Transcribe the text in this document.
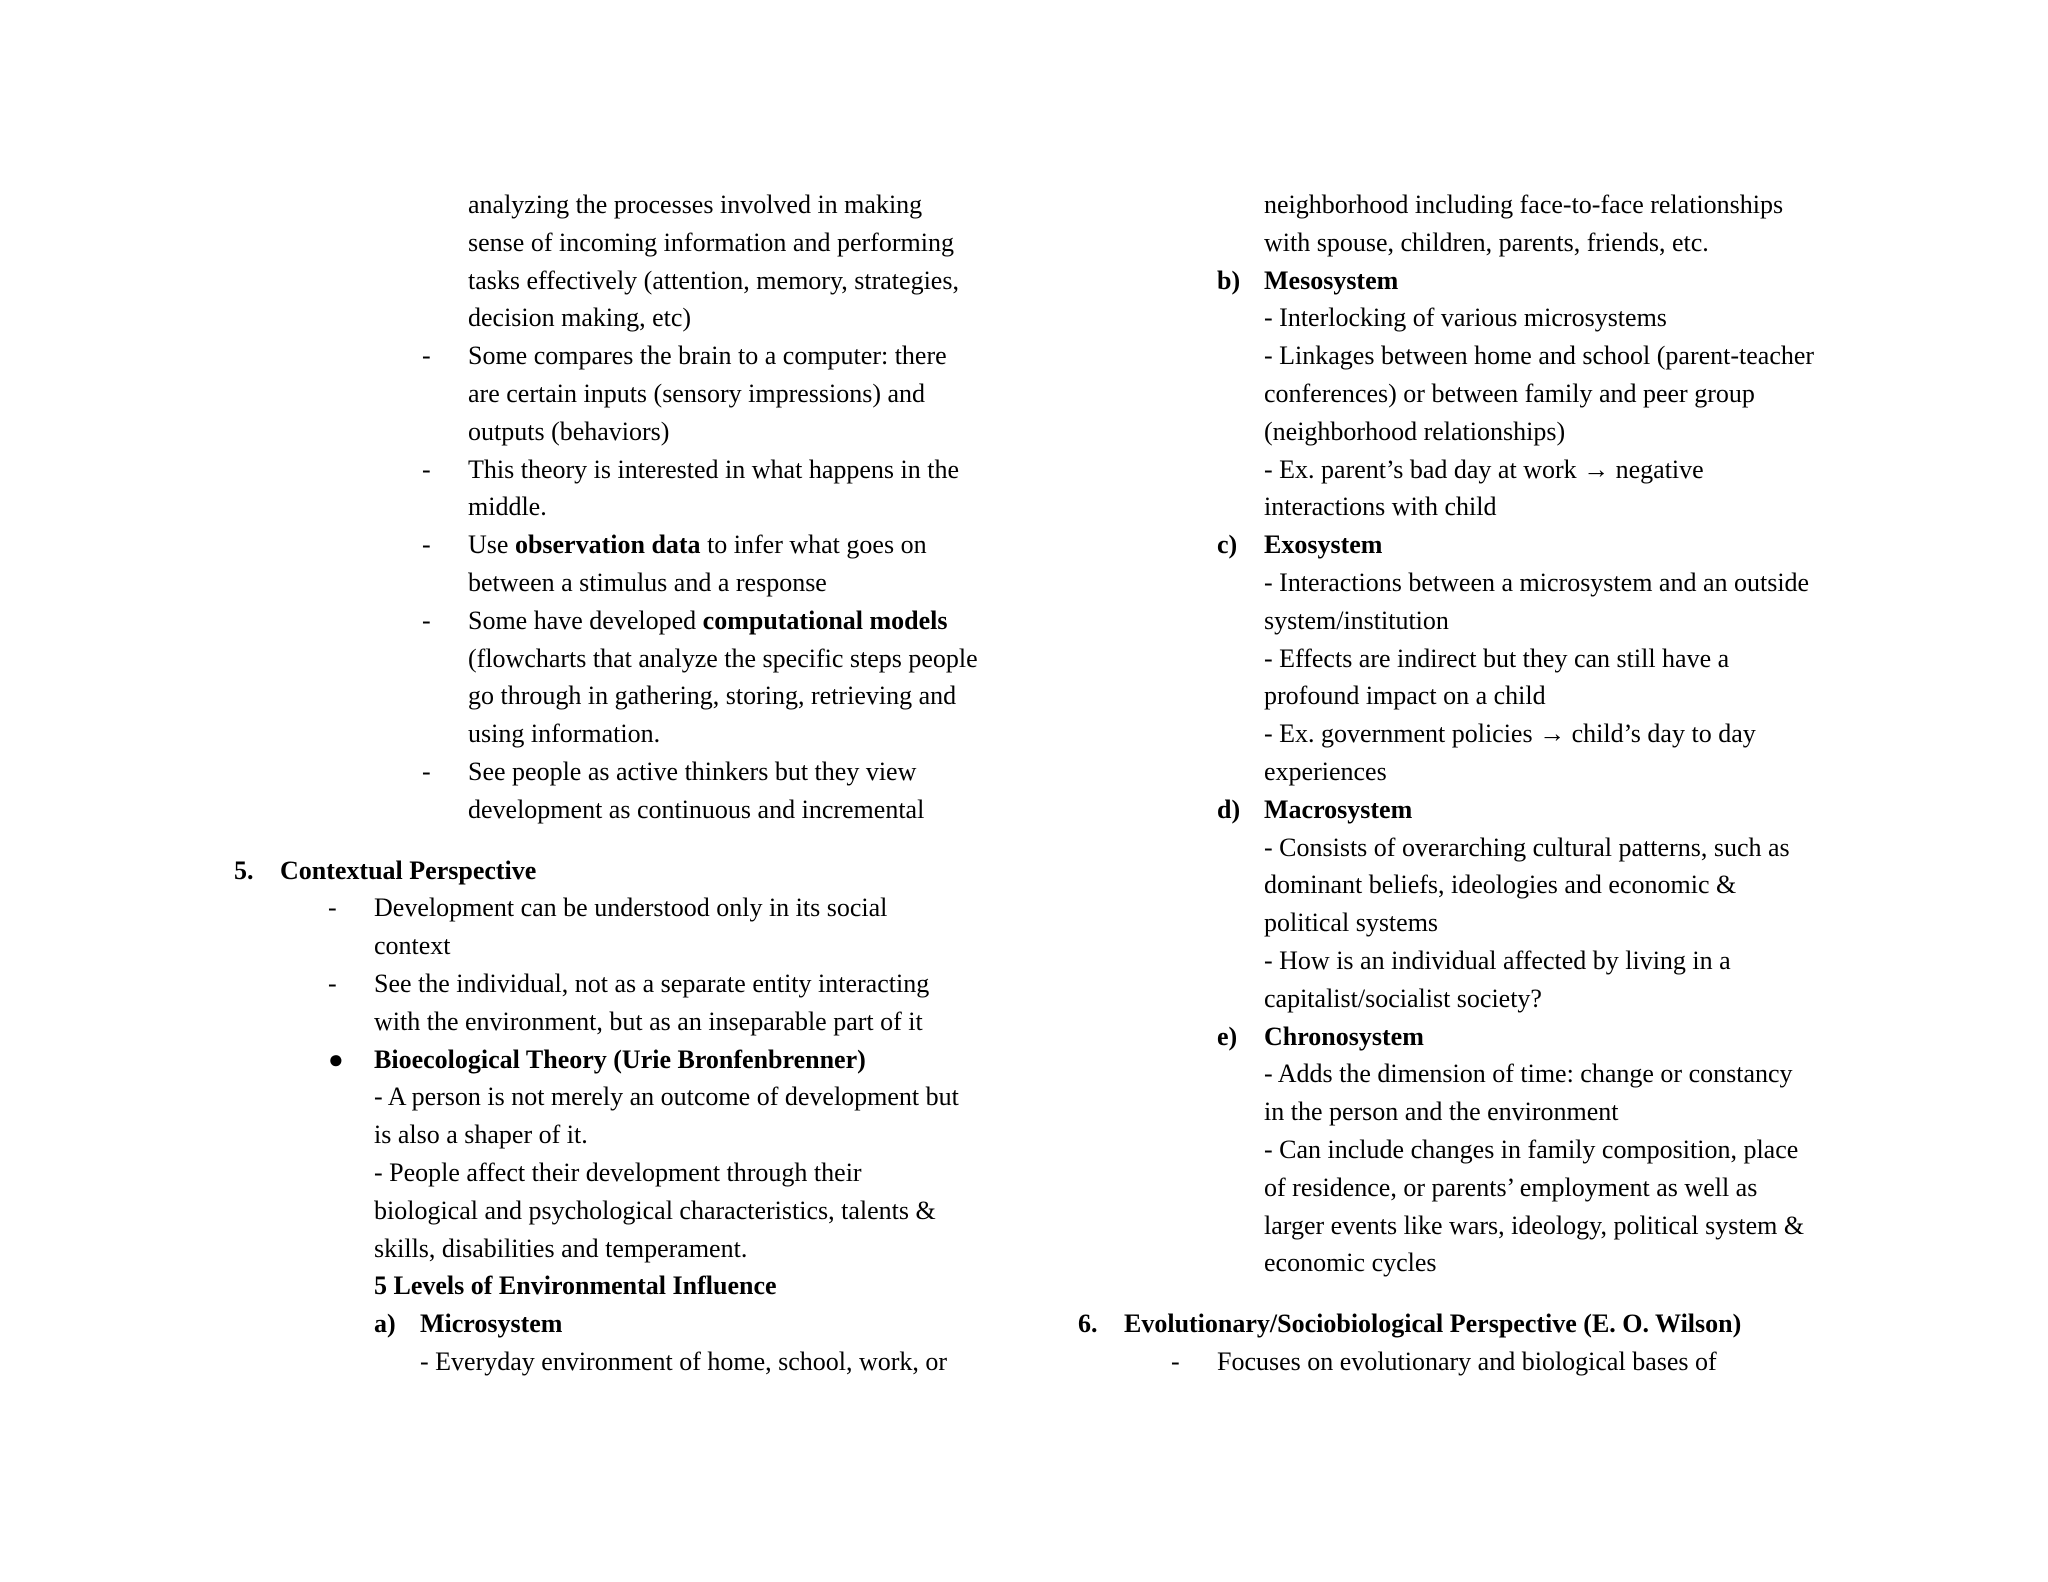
analyzing the processes involved in making
sense of incoming information and performing
tasks effectively (attention, memory, strategies,
decision making, etc)
- Some compares the brain to a computer: there
are certain inputs (sensory impressions) and
outputs (behaviors)
- This theory is interested in what happens in the
middle.
- Use observation data to infer what goes on
between a stimulus and a response
- Some have developed computational models
(flowcharts that analyze the specific steps people
go through in gathering, storing, retrieving and
using information.
- See people as active thinkers but they view
development as continuous and incremental
5. Contextual Perspective
- Development can be understood only in its social
context
- See the individual, not as a separate entity interacting
with the environment, but as an inseparable part of it
● Bioecological Theory (Urie Bronfenbrenner)
- A person is not merely an outcome of development but
is also a shaper of it.
- People affect their development through their
biological and psychological characteristics, talents &
skills, disabilities and temperament.
5 Levels of Environmental Influence
a) Microsystem
- Everyday environment of home, school, work, or
neighborhood including face-to-face relationships
with spouse, children, parents, friends, etc.
b) Mesosystem
- Interlocking of various microsystems
- Linkages between home and school (parent-teacher
conferences) or between family and peer group
(neighborhood relationships)
- Ex. parent’s bad day at work → negative
interactions with child
c) Exosystem
- Interactions between a microsystem and an outside
system/institution
- Effects are indirect but they can still have a
profound impact on a child
- Ex. government policies → child’s day to day
experiences
d) Macrosystem
- Consists of overarching cultural patterns, such as
dominant beliefs, ideologies and economic &
political systems
- How is an individual affected by living in a
capitalist/socialist society?
e) Chronosystem
- Adds the dimension of time: change or constancy
in the person and the environment
- Can include changes in family composition, place
of residence, or parents’ employment as well as
larger events like wars, ideology, political system &
economic cycles
6. Evolutionary/Sociobiological Perspective (E. O. Wilson)
- Focuses on evolutionary and biological bases of
